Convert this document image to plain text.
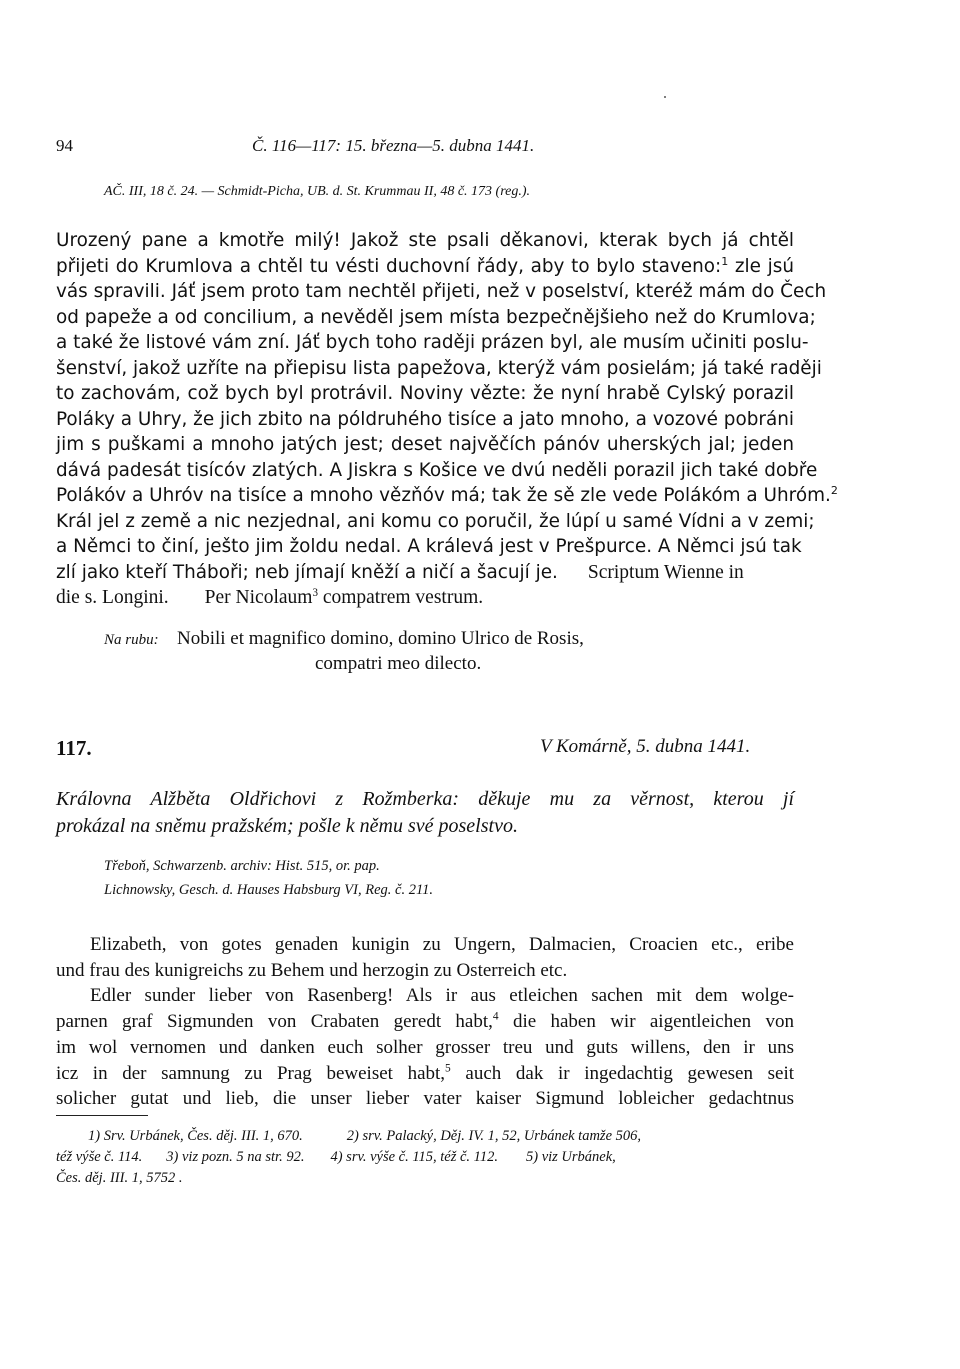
94	Č. 116—117: 15. března—5. dubna 1441.
AČ. III, 18 č. 24. — Schmidt-Picha, UB. d. St. Krummau II, 48 č. 173 (reg.).
Urozený pane a kmotře milý! Jakož ste psali děkanovi, kterak bych já chtěl
přijeti do Krumlova a chtěl tu vésti duchovní řády, aby to bylo staveno:$^1$ zle jsú
vás spravili. Jáť jsem proto tam nechtěl přijeti, než v poselství, kteréž mám do Čech
od papeže a od concilium, a nevěděl jsem místa bezpečnějšieho než do Krumlova;
a také že listové vám zní. Jáť bych toho raději prázen byl, ale musím učiniti poslu-
šenství, jakož uzříte na přiepisu lista papežova, kterýž vám posielám; já také raději
to zachovám, což bych byl protrávil. Noviny vězte: že nyní hrabě Cylský porazil
Poláky a Uhry, že jich zbito na póldruhého tisíce a jato mnoho, a vozové pobráni
jim s puškami a mnoho jatých jest; deset najvěčích pánóv uherských jal; jeden
dává padesát tisícóv zlatých. A Jiskra s Košice ve dvú neděli porazil jich také dobře
Polákóv a Uhróv na tisíce a mnoho vězňóv má; tak že sě zle vede Polákóm a Uhróm.$^2$
Král jel z země a nic nezjednal, ani komu co poručil, že lúpí u samé Vídni a v zemi;
a Němci to činí, ješto jim žoldu nedal. A králevá jest v Prešpurce. A Němci jsú tak
zlí jako kteří Tháboři; neb jímají kněží a ničí a šacují je. Scriptum Wienne in
die s. Longini. Per Nicolaum$^3$ compatrem vestrum.
Na rubu: Nobili et magnifico domino, domino Ulrico de Rosis,
compatri meo dilecto.
117.	V Komárně, 5. dubna 1441.
Královna Alžběta Oldřichovi z Rožmberka: děkuje mu za věrnost, kterou jí
prokázal na sněmu pražském; pošle k němu své poselstvo.
Třeboň, Schwarzenb. archiv: Hist. 515, or. pap.
Lichnowsky, Gesch. d. Hauses Habsburg VI, Reg. č. 211.
Elizabeth, von gotes genaden kunigin zu Ungern, Dalmacien, Croacien etc., eribe
und frau des kunigreichs zu Behem und herzogin zu Osterreich etc.
Edler sunder lieber von Rasenberg! Als ir aus etleichen sachen mit dem wolge-
parnen graf Sigmunden von Crabaten geredt habt,$^4$ die haben wir aigentleichen von
im wol vernomen und danken euch solher grosser treu und guts willens, den ir uns
icz in der samnung zu Prag beweiset habt,$^5$ auch dak ir ingedachtig gewesen seit
solicher gutat und lieb, die unser lieber vater kaiser Sigmund lobleicher gedachtnus
1) Srv. Urbánek, Čes. děj. III. 1, 670.	2) srv. Palacký, Děj. IV. 1, 52, Urbánek tamže 506,
též výše č. 114. 3) viz pozn. 5 na str. 92. 4) srv. výše č. 115, též č. 112. 5) viz Urbánek,
Čes. děj. III. 1, 5752 .
